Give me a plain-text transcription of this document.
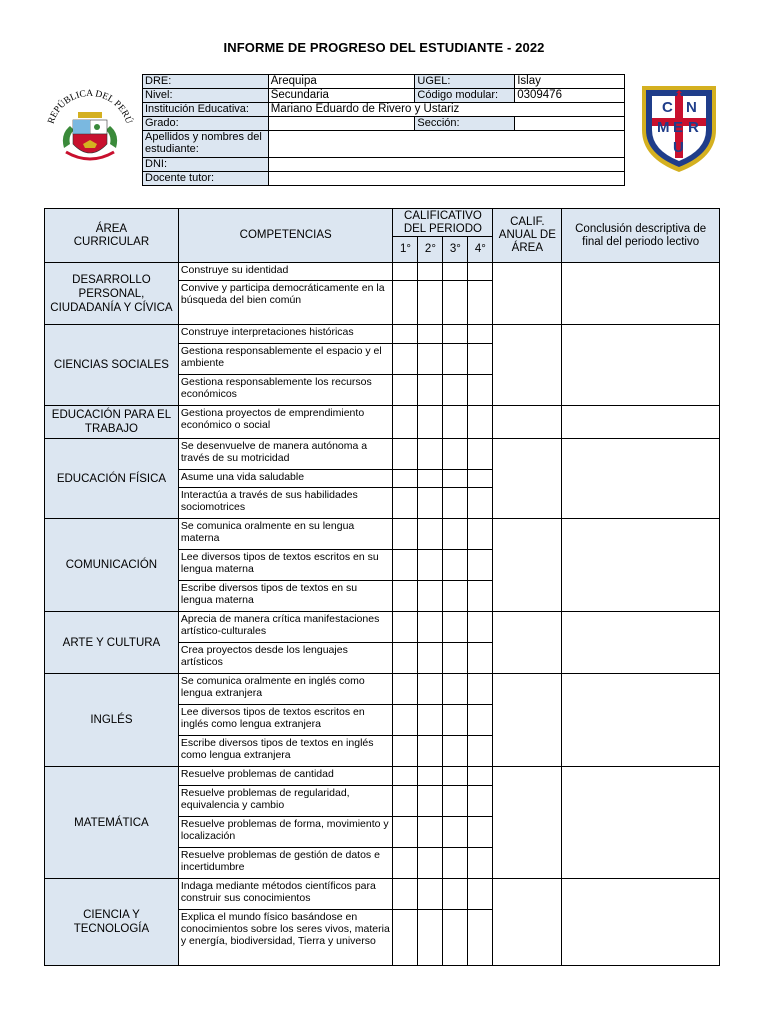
INFORME DE PROGRESO DEL ESTUDIANTE - 2022
REPÚBLICA DEL PERÚ
C N
M E R
U
DRE:	Arequipa	UGEL:	Islay
Nivel:	Secundaria	Código modular:	0309476
Institución Educativa:	Mariano Eduardo de Rivero y Ustariz		
Grado:		Sección:	
Apellidos y nombres del estudiante:			
DNI:			
Docente tutor:			
ÁREA CURRICULAR	COMPETENCIAS	CALIFICATIVO DEL PERIODO				CALIF. ANUAL DE ÁREA	Conclusión descriptiva de final del periodo lectivo
		1°	2°	3°	4°		
DESARROLLO PERSONAL, CIUDADANÍA Y CÍVICA	Construye su identidad						
	Convive y participa democráticamente en la búsqueda del bien común						
CIENCIAS SOCIALES	Construye interpretaciones históricas						
	Gestiona responsablemente el espacio y el ambiente						
	Gestiona responsablemente los recursos económicos						
EDUCACIÓN PARA EL TRABAJO	Gestiona proyectos de emprendimiento económico o social						
EDUCACIÓN FÍSICA	Se desenvuelve de manera autónoma a través de su motricidad						
	Asume una vida saludable						
	Interactúa a través de sus habilidades sociomotrices						
COMUNICACIÓN	Se comunica oralmente en su lengua materna						
	Lee diversos tipos de textos escritos en su lengua materna						
	Escribe diversos tipos de textos en su lengua materna						
ARTE Y CULTURA	Aprecia de manera crítica manifestaciones artístico-culturales						
	Crea proyectos desde los lenguajes artísticos						
INGLÉS	Se comunica oralmente en inglés como lengua extranjera						
	Lee diversos tipos de textos escritos en inglés como lengua extranjera						
	Escribe diversos tipos de textos en inglés como lengua extranjera						
MATEMÁTICA	Resuelve problemas de cantidad						
	Resuelve problemas de regularidad, equivalencia y cambio						
	Resuelve problemas de forma, movimiento y localización						
	Resuelve problemas de gestión de datos e incertidumbre						
CIENCIA Y TECNOLOGÍA	Indaga mediante métodos científicos para construir sus conocimientos						
	Explica el mundo físico basándose en conocimientos sobre los seres vivos, materia y energía, biodiversidad, Tierra y universo						
